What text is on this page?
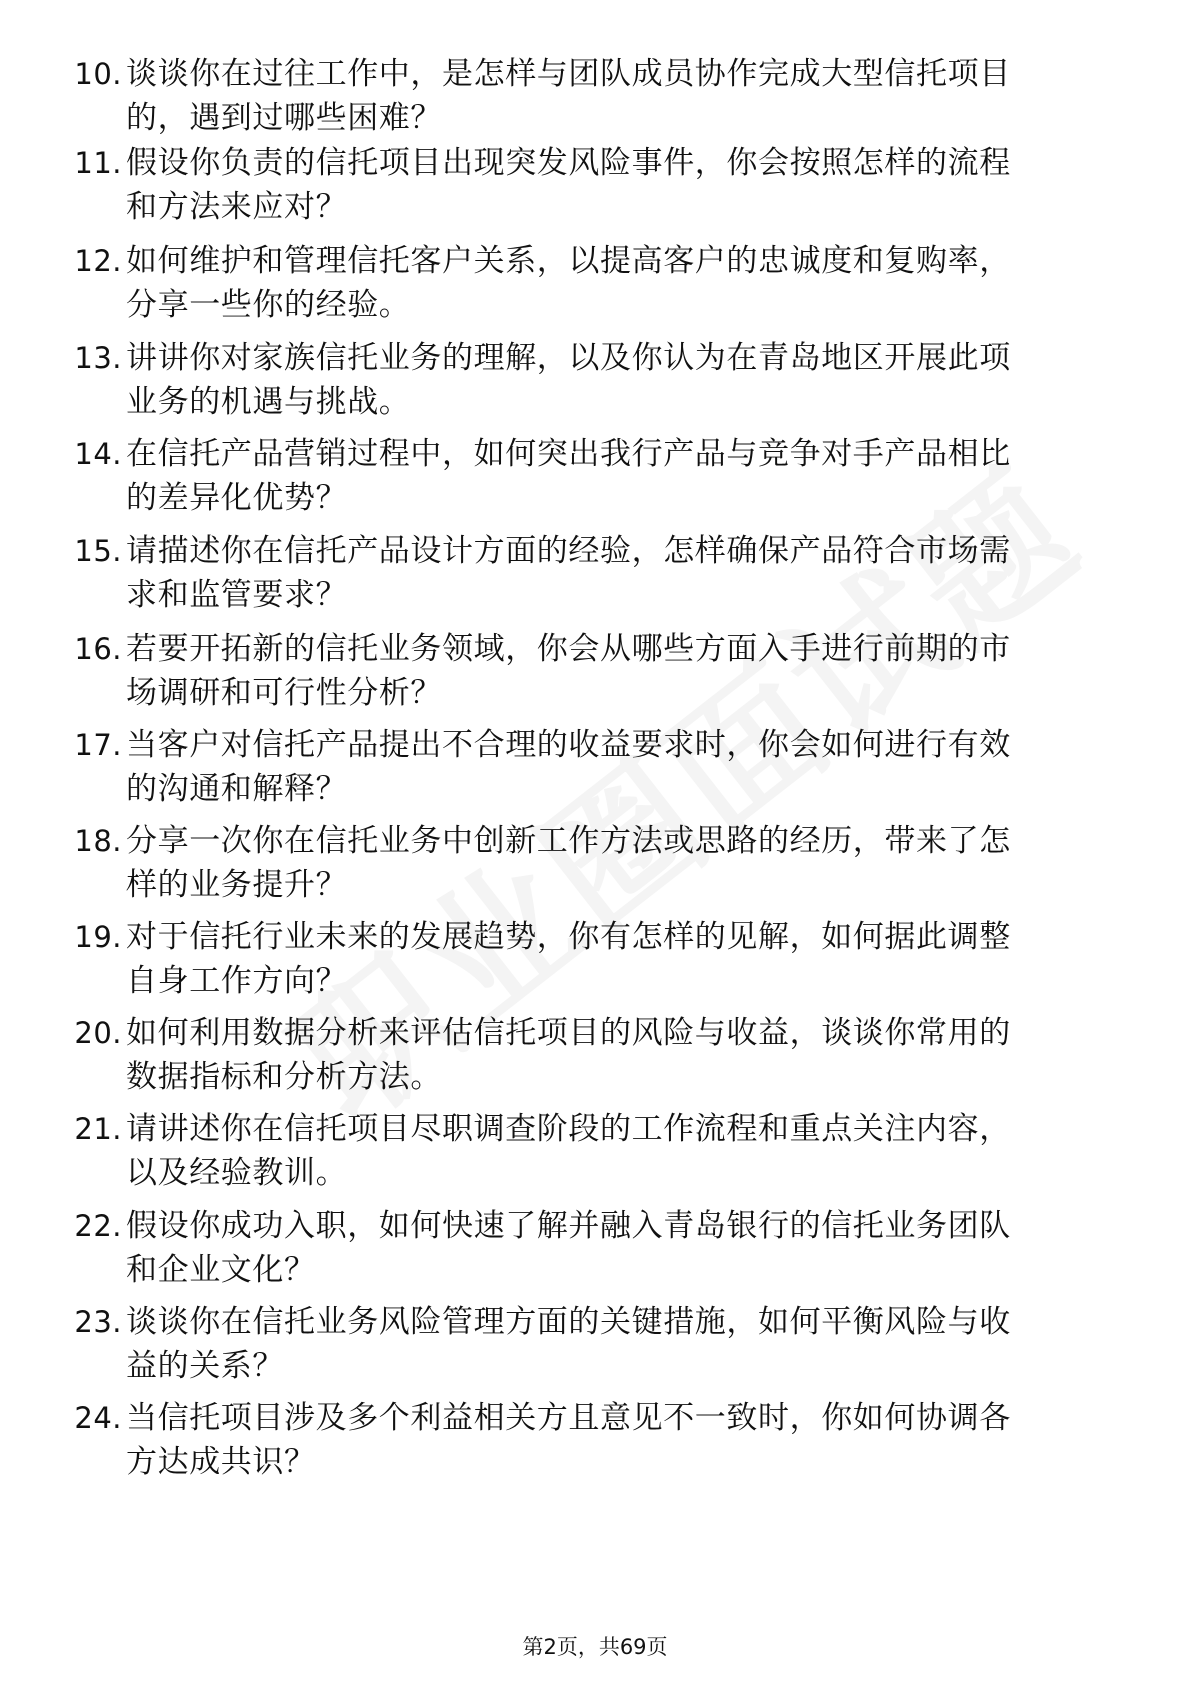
10. 谈谈你在过往工作中，是怎样与团队成员协作完成大型信托项目
的，遇到过哪些困难？
11. 假设你负责的信托项目出现突发风险事件，你会按照怎样的流程
和方法来应对？
12. 如何维护和管理信托客户关系，以提高客户的忠诚度和复购率，
分享一些你的经验。
13. 讲讲你对家族信托业务的理解，以及你认为在青岛地区开展此项
业务的机遇与挑战。
14. 在信托产品营销过程中，如何突出我行产品与竞争对手产品相比
的差异化优势？
15. 请描述你在信托产品设计方面的经验，怎样确保产品符合市场需
求和监管要求？
16. 若要开拓新的信托业务领域，你会从哪些方面入手进行前期的市
场调研和可行性分析？
17. 当客户对信托产品提出不合理的收益要求时，你会如何进行有效
的沟通和解释？
18. 分享一次你在信托业务中创新工作方法或思路的经历，带来了怎
样的业务提升？
19. 对于信托行业未来的发展趋势，你有怎样的见解，如何据此调整
自身工作方向？
20. 如何利用数据分析来评估信托项目的风险与收益，谈谈你常用的
数据指标和分析方法。
21. 请讲述你在信托项目尽职调查阶段的工作流程和重点关注内容，
以及经验教训。
22. 假设你成功入职，如何快速了解并融入青岛银行的信托业务团队
和企业文化？
23. 谈谈你在信托业务风险管理方面的关键措施，如何平衡风险与收
益的关系？
24. 当信托项目涉及多个利益相关方且意见不一致时，你如何协调各
方达成共识？
第2页，共69页
